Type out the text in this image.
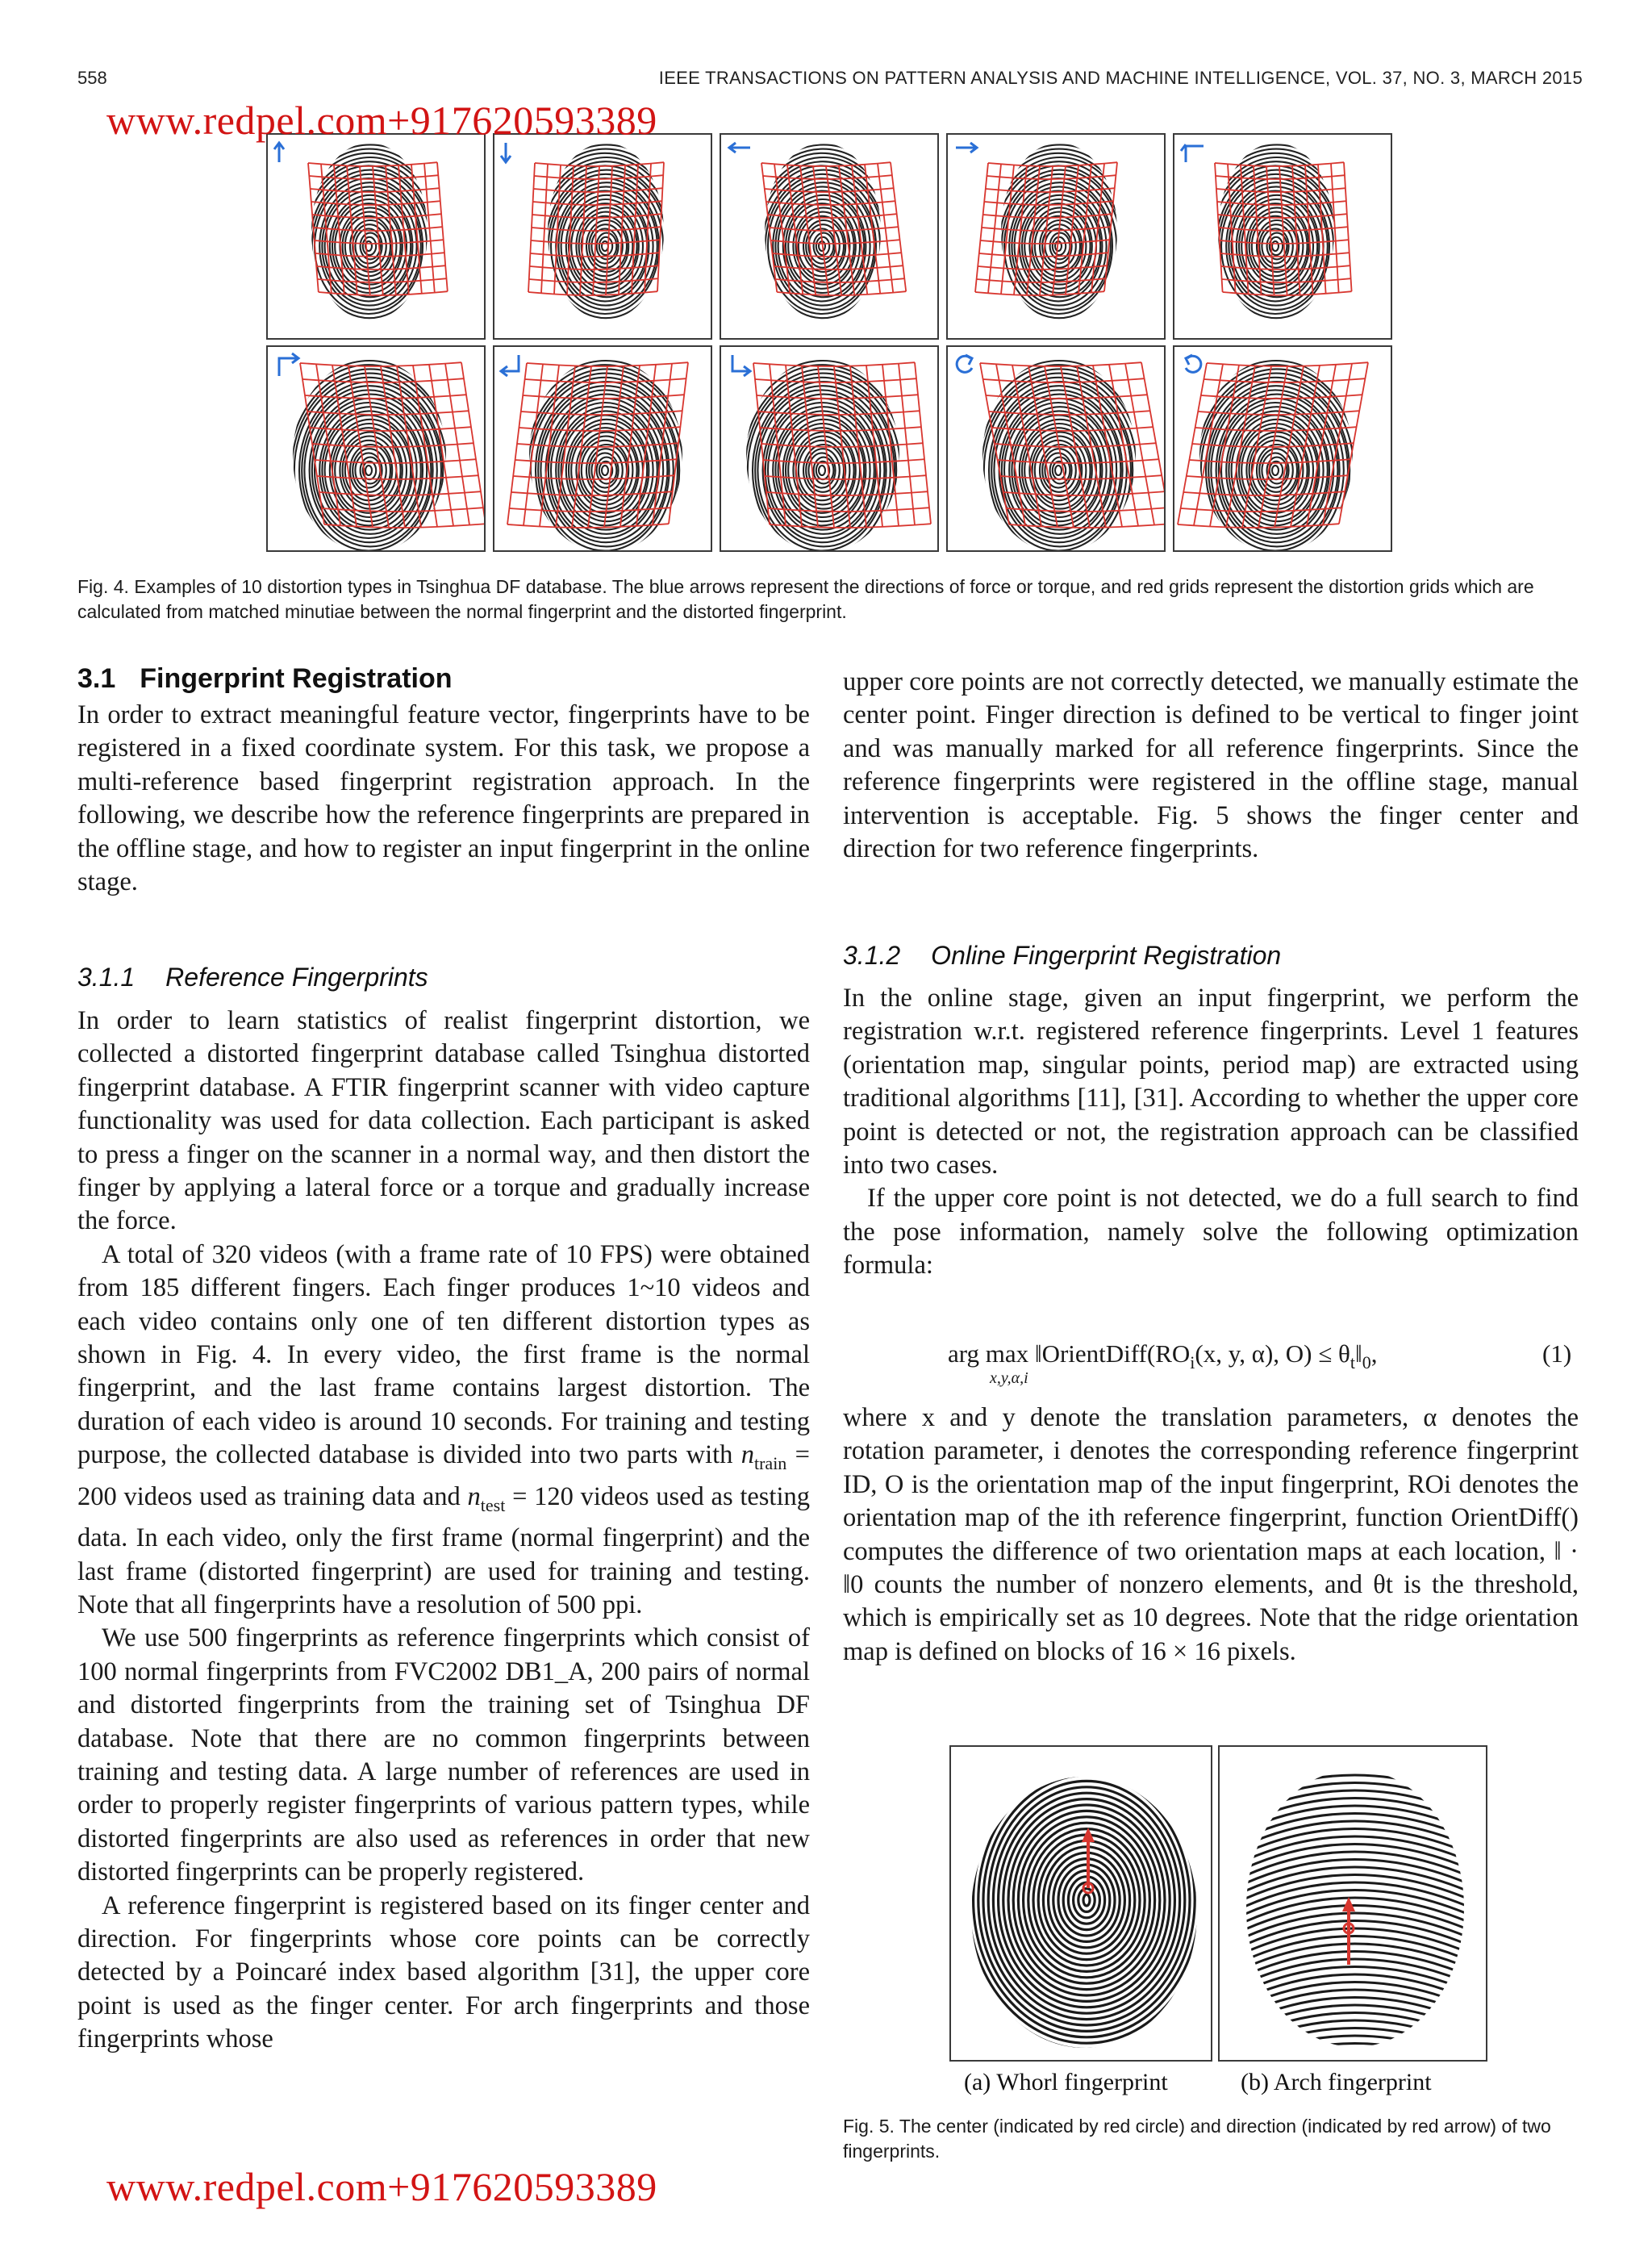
558	IEEE TRANSACTIONS ON PATTERN ANALYSIS AND MACHINE INTELLIGENCE, VOL. 37, NO. 3, MARCH 2015
www.redpel.com+917620593389
Fig. 4. Examples of 10 distortion types in Tsinghua DF database. The blue arrows represent the directions of force or torque, and red grids represent the distortion grids which are calculated from matched minutiae between the normal fingerprint and the distorted fingerprint.
3.1 Fingerprint Registration

In order to extract meaningful feature vector, fingerprints have to be registered in a fixed coordinate system. For this task, we propose a multi-reference based fingerprint registration approach. In the following, we describe how the reference fingerprints are prepared in the offline stage, and how to register an input fingerprint in the online stage.

3.1.1 Reference Fingerprints

In order to learn statistics of realist fingerprint distortion, we collected a distorted fingerprint database called Tsinghua distorted fingerprint database. A FTIR fingerprint scanner with video capture functionality was used for data collection. Each participant is asked to press a finger on the scanner in a normal way, and then distort the finger by applying a lateral force or a torque and gradually increase the force.

A total of 320 videos (with a frame rate of 10 FPS) were obtained from 185 different fingers. Each finger produces 1~10 videos and each video contains only one of ten different distortion types as shown in Fig. 4. In every video, the first frame is the normal fingerprint, and the last frame contains largest distortion. The duration of each video is around 10 seconds. For training and testing purpose, the collected database is divided into two parts with $n_{train} = 200$ videos used as training data and $n_{test} = 120$ videos used as testing data. In each video, only the first frame (normal fingerprint) and the last frame (distorted fingerprint) are used for training and testing. Note that all fingerprints have a resolution of 500 ppi.

We use 500 fingerprints as reference fingerprints which consist of 100 normal fingerprints from FVC2002 DB1_A, 200 pairs of normal and distorted fingerprints from the training set of Tsinghua DF database. Note that there are no common fingerprints between training and testing data. A large number of references are used in order to properly register fingerprints of various pattern types, while distorted fingerprints are also used as references in order that new distorted fingerprints can be properly registered.

A reference fingerprint is registered based on its finger center and direction. For fingerprints whose core points can be correctly detected by a Poincaré index based algorithm [31], the upper core point is used as the finger center. For arch fingerprints and those fingerprints whose

upper core points are not correctly detected, we manually estimate the center point. Finger direction is defined to be vertical to finger joint and was manually marked for all reference fingerprints. Since the reference fingerprints were registered in the offline stage, manual intervention is acceptable. Fig. 5 shows the finger center and direction for two reference fingerprints.

3.1.2 Online Fingerprint Registration

In the online stage, given an input fingerprint, we perform the registration w.r.t. registered reference fingerprints. Level 1 features (orientation map, singular points, period map) are extracted using traditional algorithms [11], [31]. According to whether the upper core point is detected or not, the registration approach can be classified into two cases.

If the upper core point is not detected, we do a full search to find the pose information, namely solve the following optimization formula:

arg $\max ‖OrientDiff(RO_i(x$, y, α), $O) \le \theta_t‖_0$,
x,y,α,i
(1)

where x and y denote the translation parameters, α denotes the rotation parameter, i denotes the corresponding reference fingerprint ID, O is the orientation map of the input fingerprint, ROi denotes the orientation map of the ith reference fingerprint, function OrientDiff() computes the difference of two orientation maps at each location, ‖ · ‖0 counts the number of nonzero elements, and θt is the threshold, which is empirically set as 10 degrees. Note that the ridge orientation map is defined on blocks of 16 × 16 pixels.

(a) Whorl fingerprint	(b) Arch fingerprint
Fig. 5. The center (indicated by red circle) and direction (indicated by red arrow) of two fingerprints.
www.redpel.com+917620593389
